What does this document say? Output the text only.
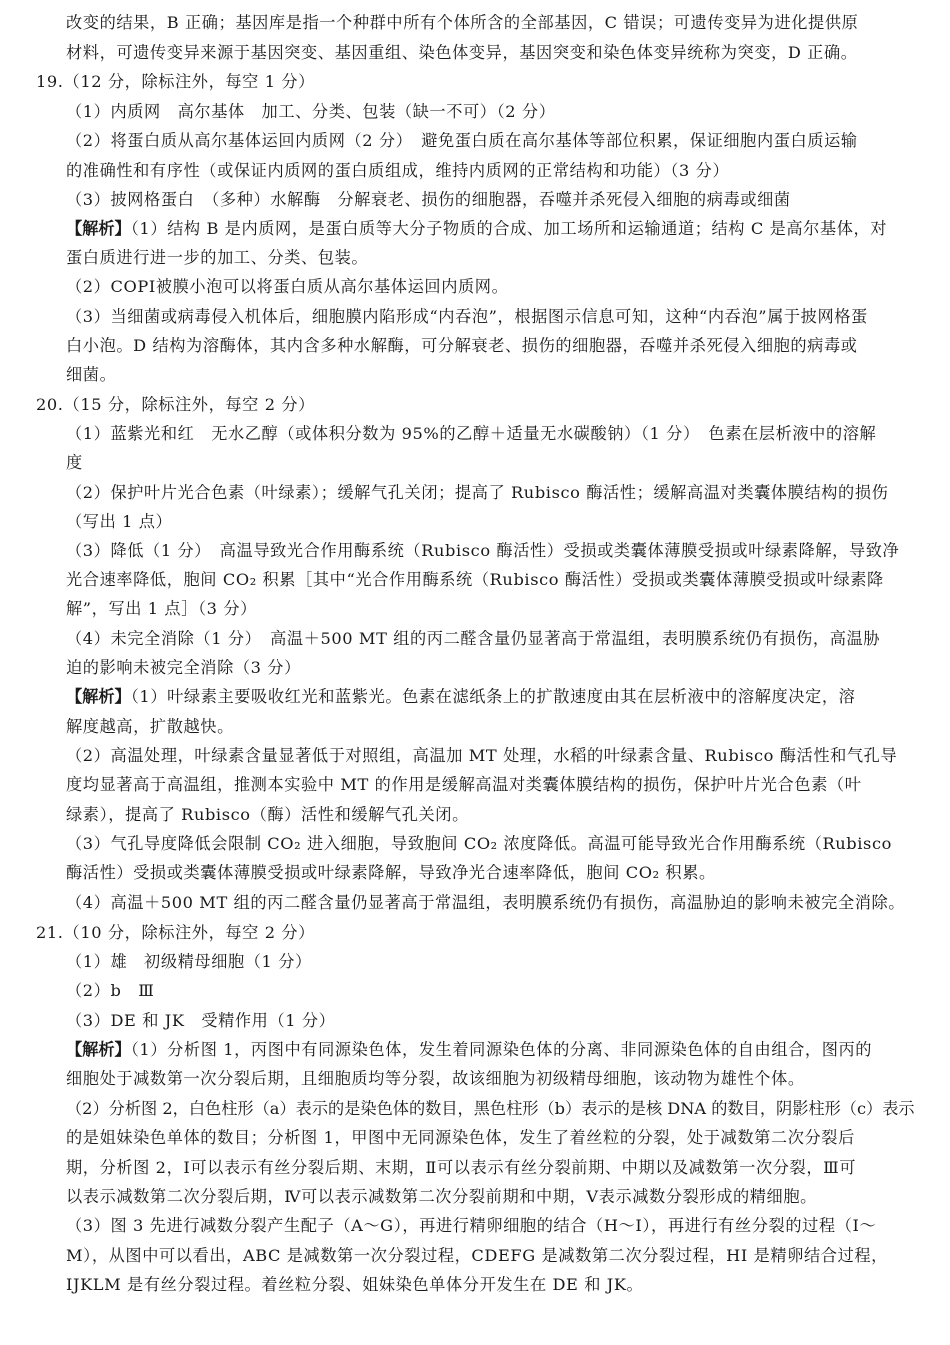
改变的结果，B 正确；基因库是指一个种群中所有个体所含的全部基因，C 错误；可遗传变异为进化提供原
材料，可遗传变异来源于基因突变、基因重组、染色体变异，基因突变和染色体变异统称为突变，D 正确。
19.（12 分，除标注外，每空 1 分）
（1）内质网　高尔基体　加工、分类、包装（缺一不可）（2 分）
（2）将蛋白质从高尔基体运回内质网（2 分）　避免蛋白质在高尔基体等部位积累，保证细胞内蛋白质运输
的准确性和有序性（或保证内质网的蛋白质组成，维持内质网的正常结构和功能）（3 分）
（3）披网格蛋白　（多种）水解酶　分解衰老、损伤的细胞器，吞噬并杀死侵入细胞的病毒或细菌
【解析】（1）结构 B 是内质网，是蛋白质等大分子物质的合成、加工场所和运输通道；结构 C 是高尔基体，对
蛋白质进行进一步的加工、分类、包装。
（2）COPⅠ被膜小泡可以将蛋白质从高尔基体运回内质网。
（3）当细菌或病毒侵入机体后，细胞膜内陷形成“内吞泡”，根据图示信息可知，这种“内吞泡”属于披网格蛋
白小泡。D 结构为溶酶体，其内含多种水解酶，可分解衰老、损伤的细胞器，吞噬并杀死侵入细胞的病毒或
细菌。
20.（15 分，除标注外，每空 2 分）
（1）蓝紫光和红　无水乙醇（或体积分数为 95%的乙醇＋适量无水碳酸钠）（1 分）　色素在层析液中的溶解
度
（2）保护叶片光合色素（叶绿素）；缓解气孔关闭；提高了 Rubisco 酶活性；缓解高温对类囊体膜结构的损伤
（写出 1 点）
（3）降低（1 分）　高温导致光合作用酶系统（Rubisco 酶活性）受损或类囊体薄膜受损或叶绿素降解，导致净
光合速率降低，胞间 CO₂ 积累［其中“光合作用酶系统（Rubisco 酶活性）受损或类囊体薄膜受损或叶绿素降
解”，写出 1 点］（3 分）
（4）未完全消除（1 分）　高温＋500 MT 组的丙二醛含量仍显著高于常温组，表明膜系统仍有损伤，高温胁
迫的影响未被完全消除（3 分）
【解析】（1）叶绿素主要吸收红光和蓝紫光。色素在滤纸条上的扩散速度由其在层析液中的溶解度决定，溶
解度越高，扩散越快。
（2）高温处理，叶绿素含量显著低于对照组，高温加 MT 处理，水稻的叶绿素含量、Rubisco 酶活性和气孔导
度均显著高于高温组，推测本实验中 MT 的作用是缓解高温对类囊体膜结构的损伤，保护叶片光合色素（叶
绿素），提高了 Rubisco（酶）活性和缓解气孔关闭。
（3）气孔导度降低会限制 CO₂ 进入细胞，导致胞间 CO₂ 浓度降低。高温可能导致光合作用酶系统（Rubisco
酶活性）受损或类囊体薄膜受损或叶绿素降解，导致净光合速率降低，胞间 CO₂ 积累。
（4）高温＋500 MT 组的丙二醛含量仍显著高于常温组，表明膜系统仍有损伤，高温胁迫的影响未被完全消除。
21.（10 分，除标注外，每空 2 分）
（1）雄　初级精母细胞（1 分）
（2）b　Ⅲ
（3）DE 和 JK　受精作用（1 分）
【解析】（1）分析图 1，丙图中有同源染色体，发生着同源染色体的分离、非同源染色体的自由组合，图丙的
细胞处于减数第一次分裂后期，且细胞质均等分裂，故该细胞为初级精母细胞，该动物为雄性个体。
（2）分析图 2，白色柱形（a）表示的是染色体的数目，黑色柱形（b）表示的是核 DNA 的数目，阴影柱形（c）表示
的是姐妹染色单体的数目；分析图 1，甲图中无同源染色体，发生了着丝粒的分裂，处于减数第二次分裂后
期，分析图 2，Ⅰ可以表示有丝分裂后期、末期，Ⅱ可以表示有丝分裂前期、中期以及减数第一次分裂，Ⅲ可
以表示减数第二次分裂后期，Ⅳ可以表示减数第二次分裂前期和中期，Ⅴ表示减数分裂形成的精细胞。
（3）图 3 先进行减数分裂产生配子（A～G），再进行精卵细胞的结合（H～I），再进行有丝分裂的过程（I～
M），从图中可以看出，ABC 是减数第一次分裂过程，CDEFG 是减数第二次分裂过程，HI 是精卵结合过程，
IJKLM 是有丝分裂过程。着丝粒分裂、姐妹染色单体分开发生在 DE 和 JK。
